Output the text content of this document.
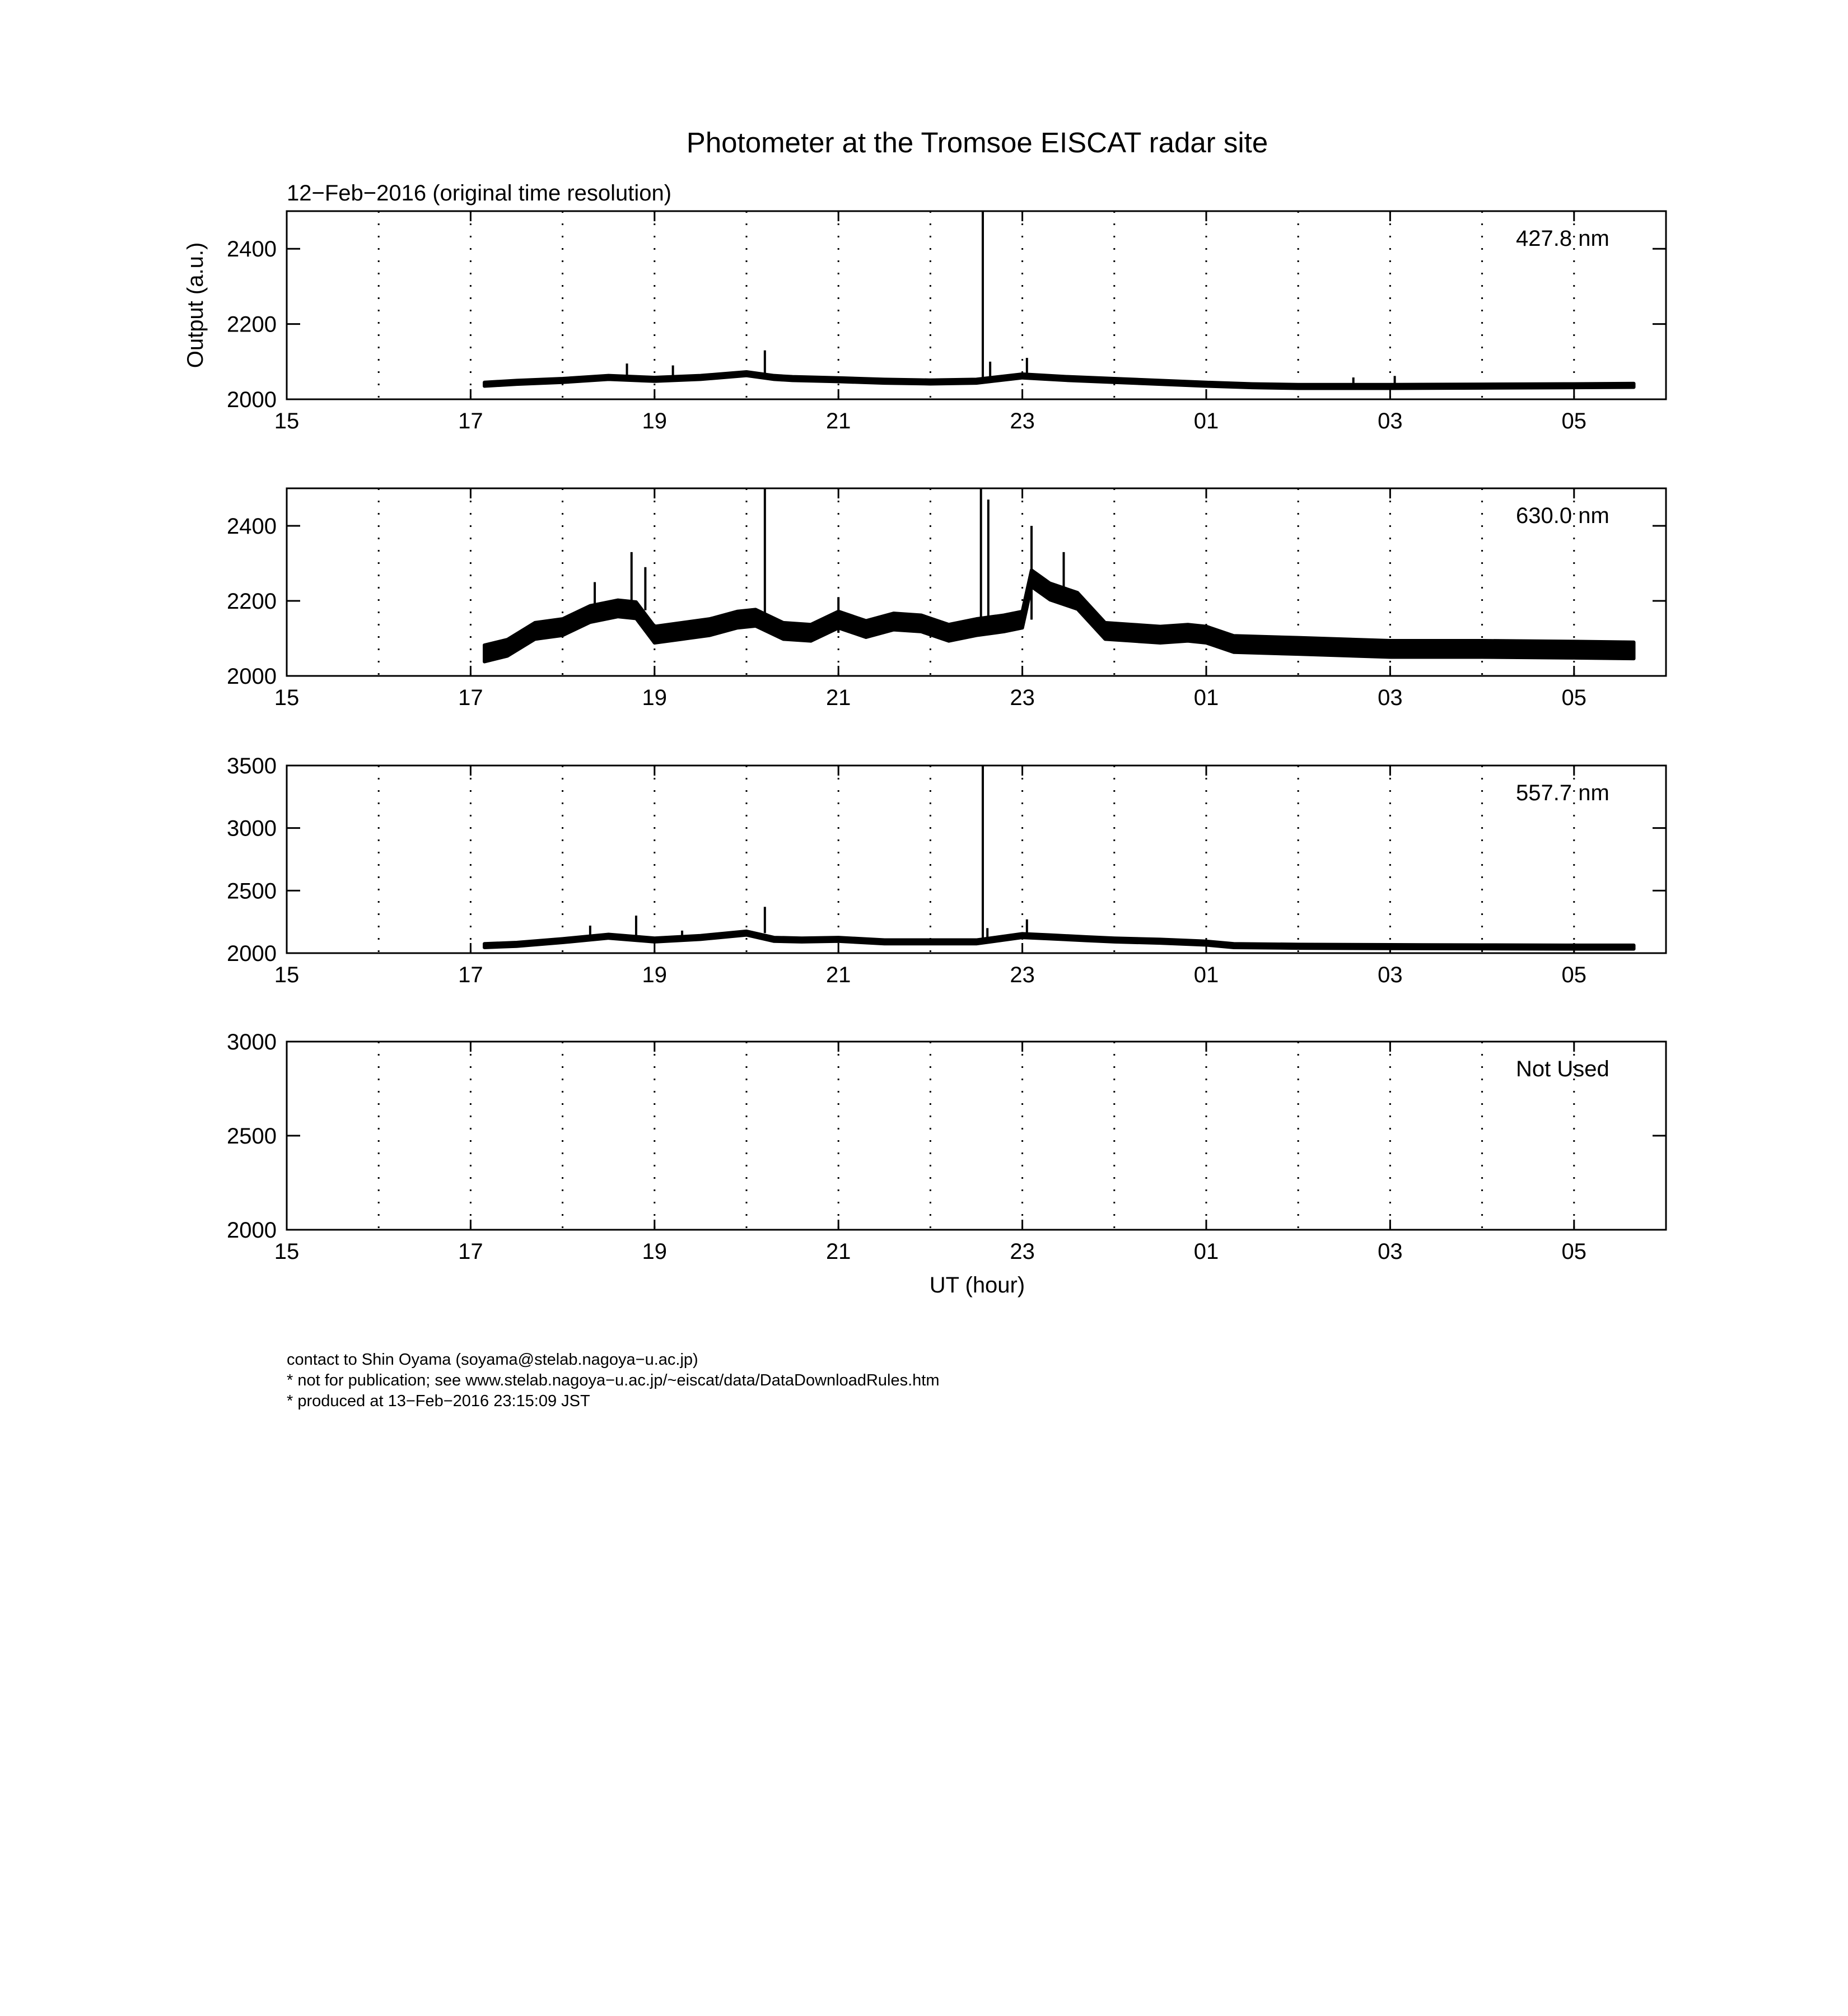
Photometer at the Tromsoe EISCAT radar site
12−Feb−2016 (original time resolution)
Output (a.u.)
UT (hour)
15	17	19	21	23	01	03	05
2000
2200
2400	427.8 nm
15	17	19	21	23	01	03	05
2000
2200
2400	630.0 nm
15	17	19	21	23	01	03	05
2000
2500
3000
3500
557.7 nm
15	17	19	21	23	01	03	05
2000
2500
3000
Not Used
contact to Shin Oyama (soyama@stelab.nagoya−u.ac.jp)
* not for publication; see www.stelab.nagoya−u.ac.jp/~eiscat/data/DataDownloadRules.htm
* produced at 13−Feb−2016 23:15:09 JST
